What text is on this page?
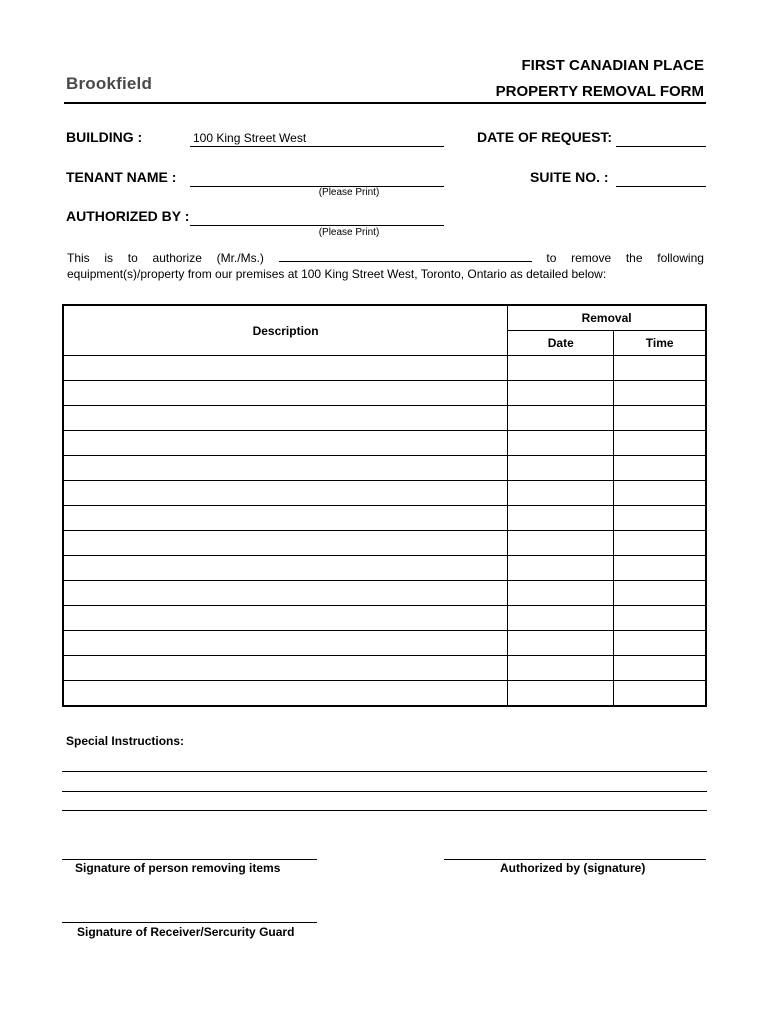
Brookfield
FIRST CANADIAN PLACE
PROPERTY REMOVAL FORM
BUILDING :	100 King Street West	DATE OF REQUEST:
TENANT NAME :
(Please Print)
SUITE NO. :
AUTHORIZED BY :
(Please Print)
This is to authorize (Mr./Ms.)	to remove the following
equipment(s)/property from our premises at 100 King Street West, Toronto, Ontario as detailed below:
Description	Removal	
	Date	Time

Special Instructions:
Signature of person removing items	Authorized by (signature)
Signature of Receiver/Sercurity Guard
